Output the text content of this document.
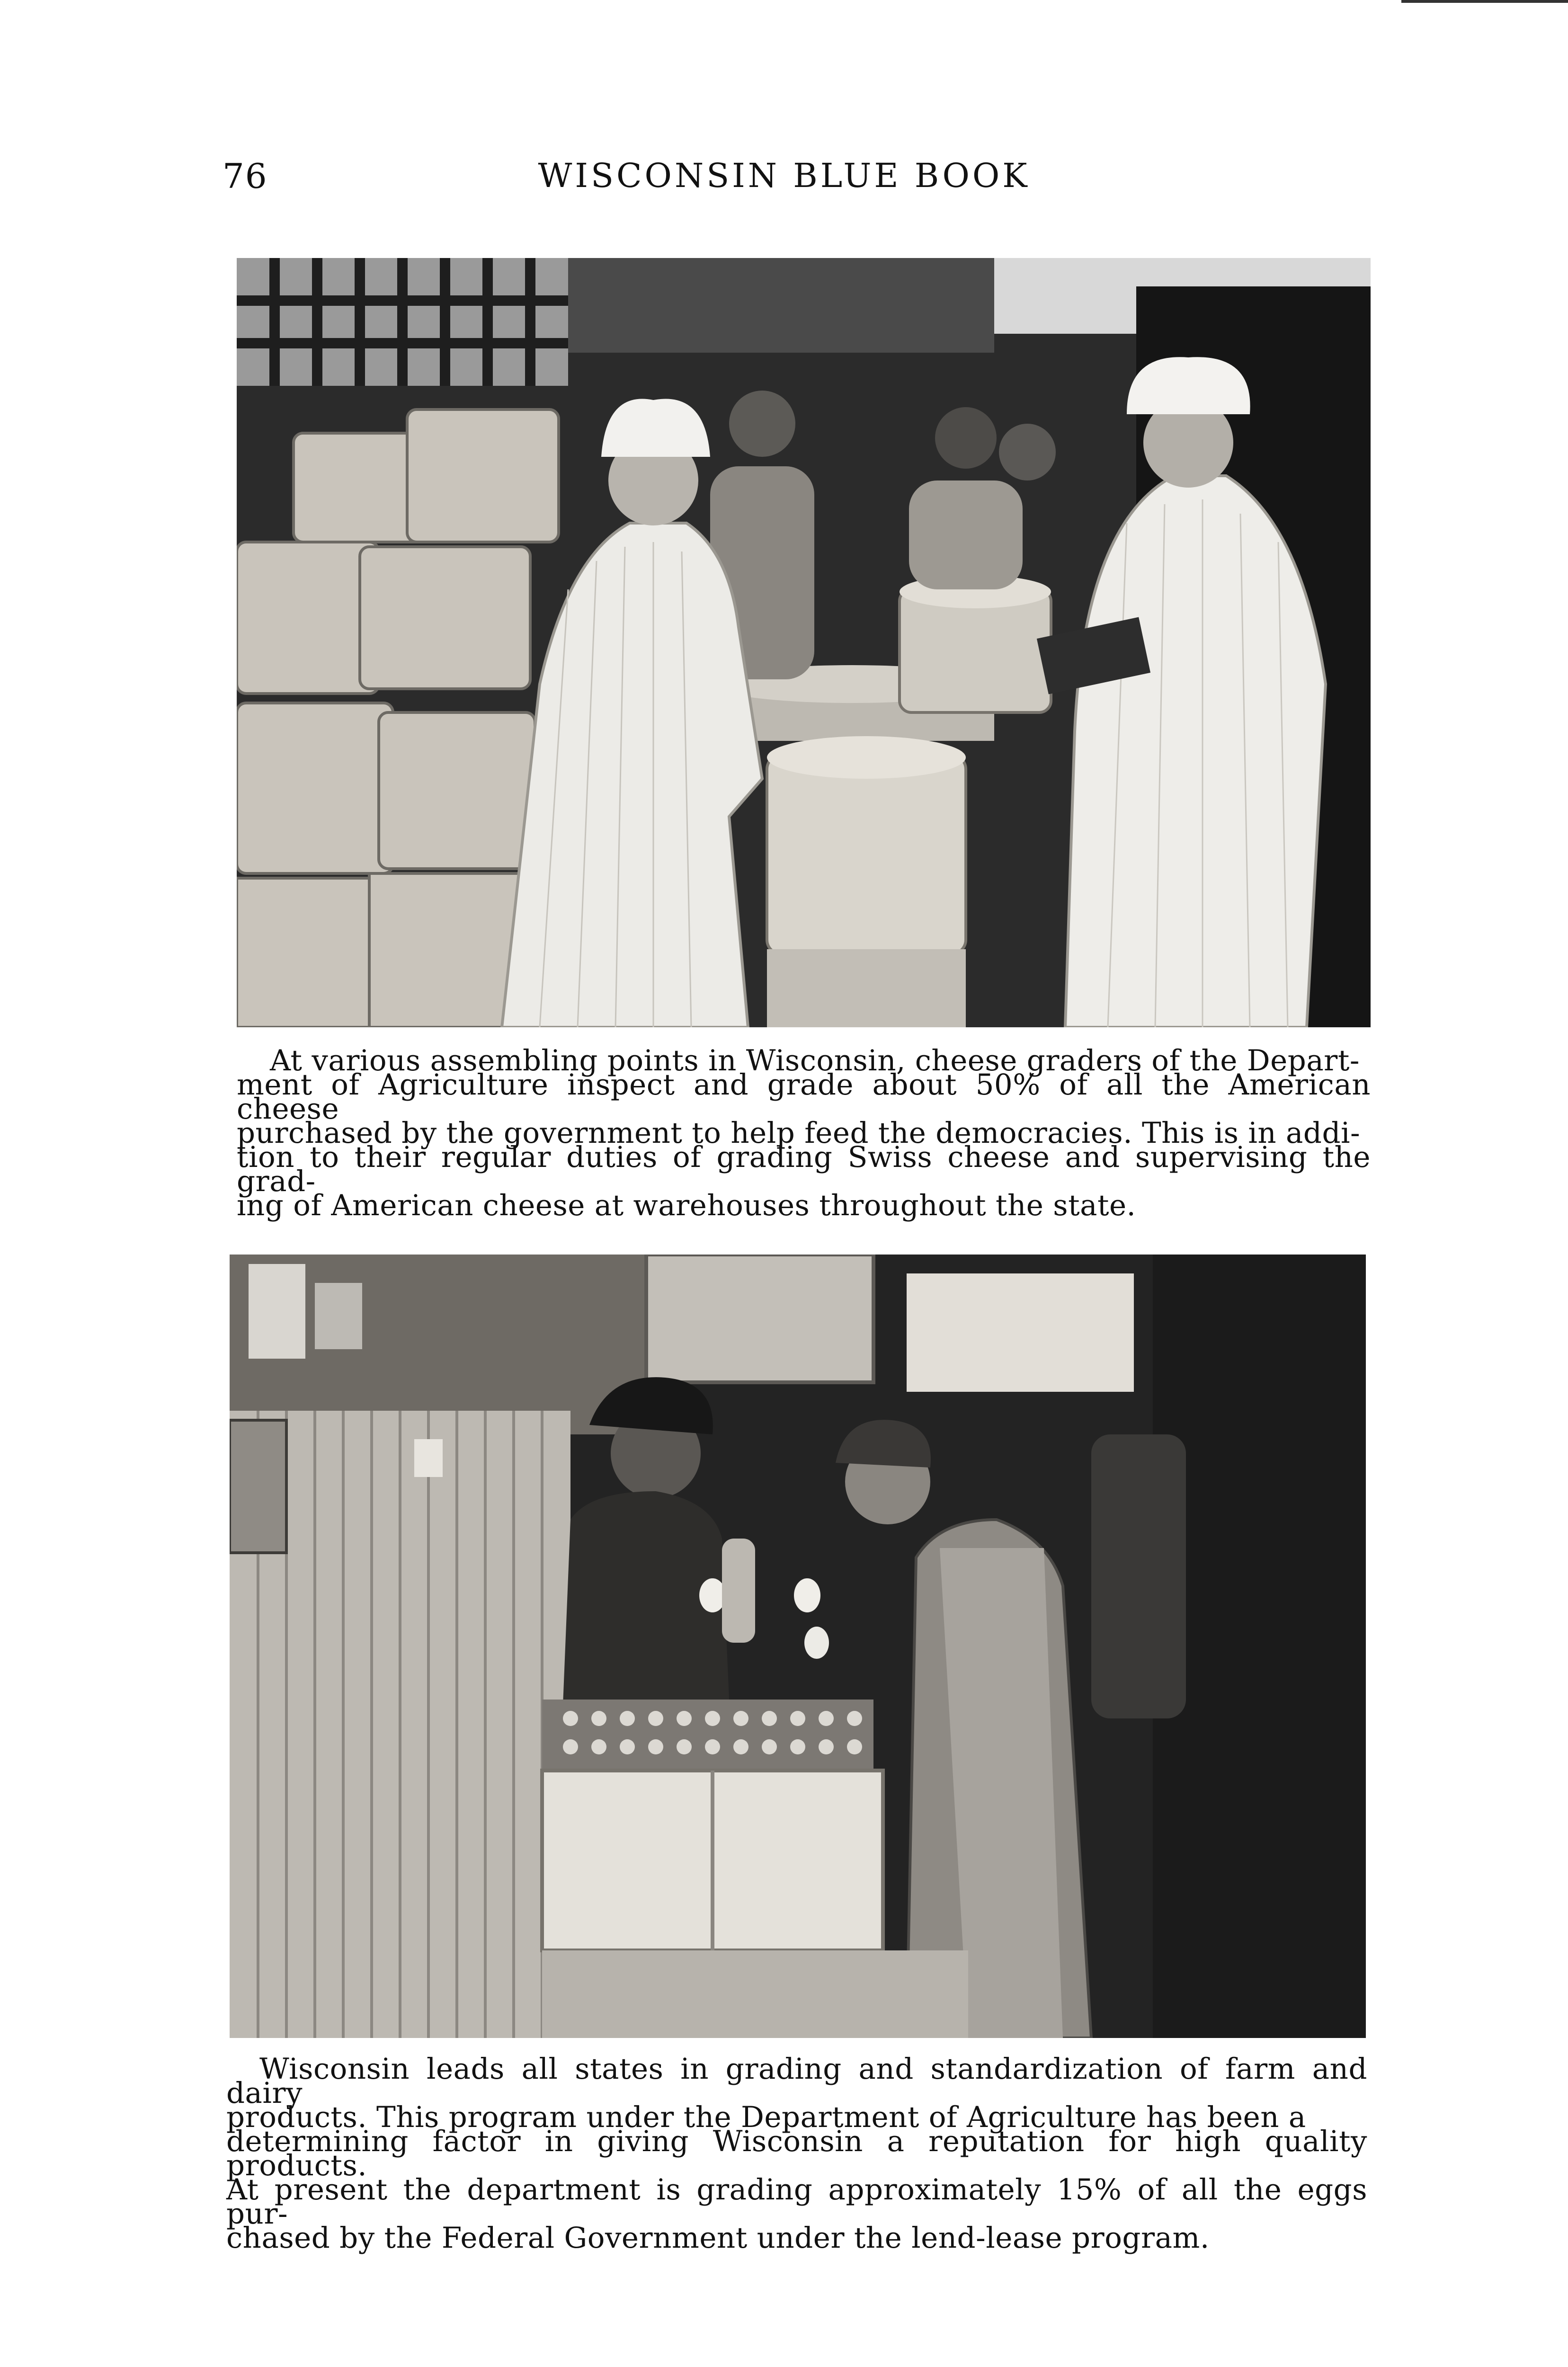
76	WISCONSIN BLUE BOOK

At various assembling points in Wisconsin, cheese graders of the Depart-

ment of Agriculture inspect and grade about 50% of all the American cheese

purchased by the government to help feed the democracies. This is in addi-

tion to their regular duties of grading Swiss cheese and supervising the grad-

ing of American cheese at warehouses throughout the state.

Wisconsin leads all states in grading and standardization of farm and dairy

products. This program under the Department of Agriculture has been a

determining factor in giving Wisconsin a reputation for high quality products.

At present the department is grading approximately 15% of all the eggs pur-

chased by the Federal Government under the lend-lease program.
